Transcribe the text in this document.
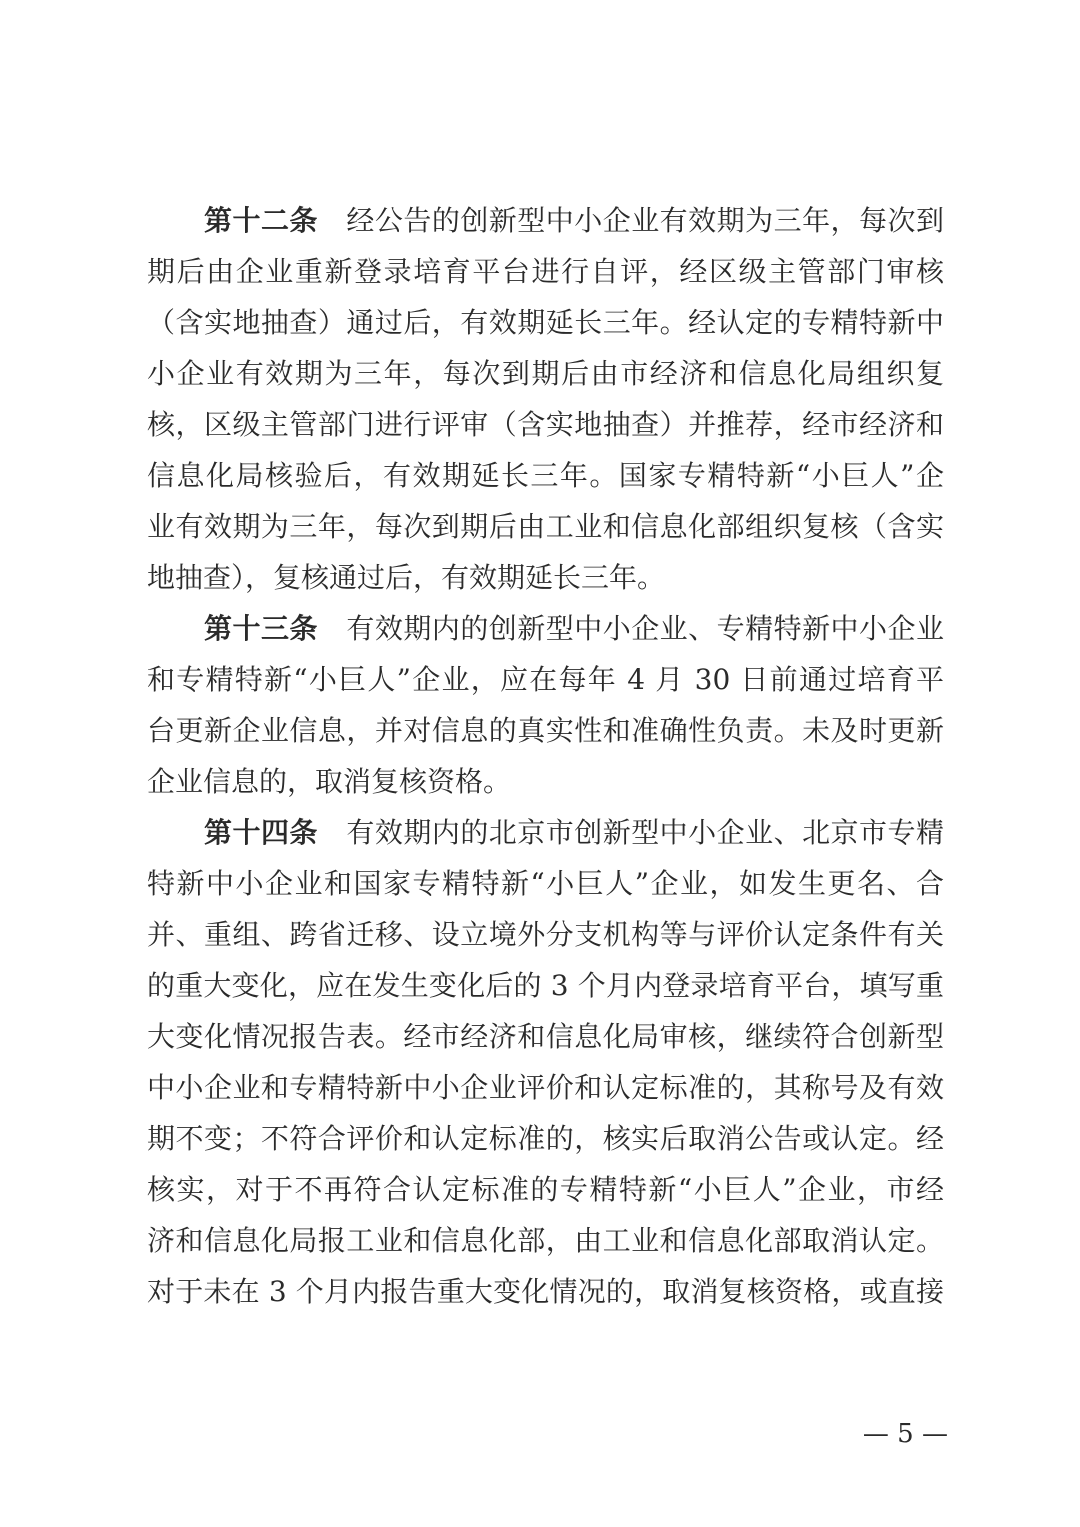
第十二条  经公告的创新型中小企业有效期为三年，每次到
期后由企业重新登录培育平台进行自评，经区级主管部门审核
（含实地抽查）通过后，有效期延长三年。经认定的专精特新中
小企业有效期为三年，每次到期后由市经济和信息化局组织复
核，区级主管部门进行评审（含实地抽查）并推荐，经市经济和
信息化局核验后，有效期延长三年。国家专精特新“小巨人”企
业有效期为三年，每次到期后由工业和信息化部组织复核（含实
地抽查），复核通过后，有效期延长三年。
第十三条  有效期内的创新型中小企业、专精特新中小企业
和专精特新“小巨人”企业，应在每年 4 月 30 日前通过培育平
台更新企业信息，并对信息的真实性和准确性负责。未及时更新
企业信息的，取消复核资格。
第十四条  有效期内的北京市创新型中小企业、北京市专精
特新中小企业和国家专精特新“小巨人”企业，如发生更名、合
并、重组、跨省迁移、设立境外分支机构等与评价认定条件有关
的重大变化，应在发生变化后的 3 个月内登录培育平台，填写重
大变化情况报告表。经市经济和信息化局审核，继续符合创新型
中小企业和专精特新中小企业评价和认定标准的，其称号及有效
期不变；不符合评价和认定标准的，核实后取消公告或认定。经
核实，对于不再符合认定标准的专精特新“小巨人”企业，市经
济和信息化局报工业和信息化部，由工业和信息化部取消认定。
对于未在 3 个月内报告重大变化情况的，取消复核资格，或直接
— 5 —
